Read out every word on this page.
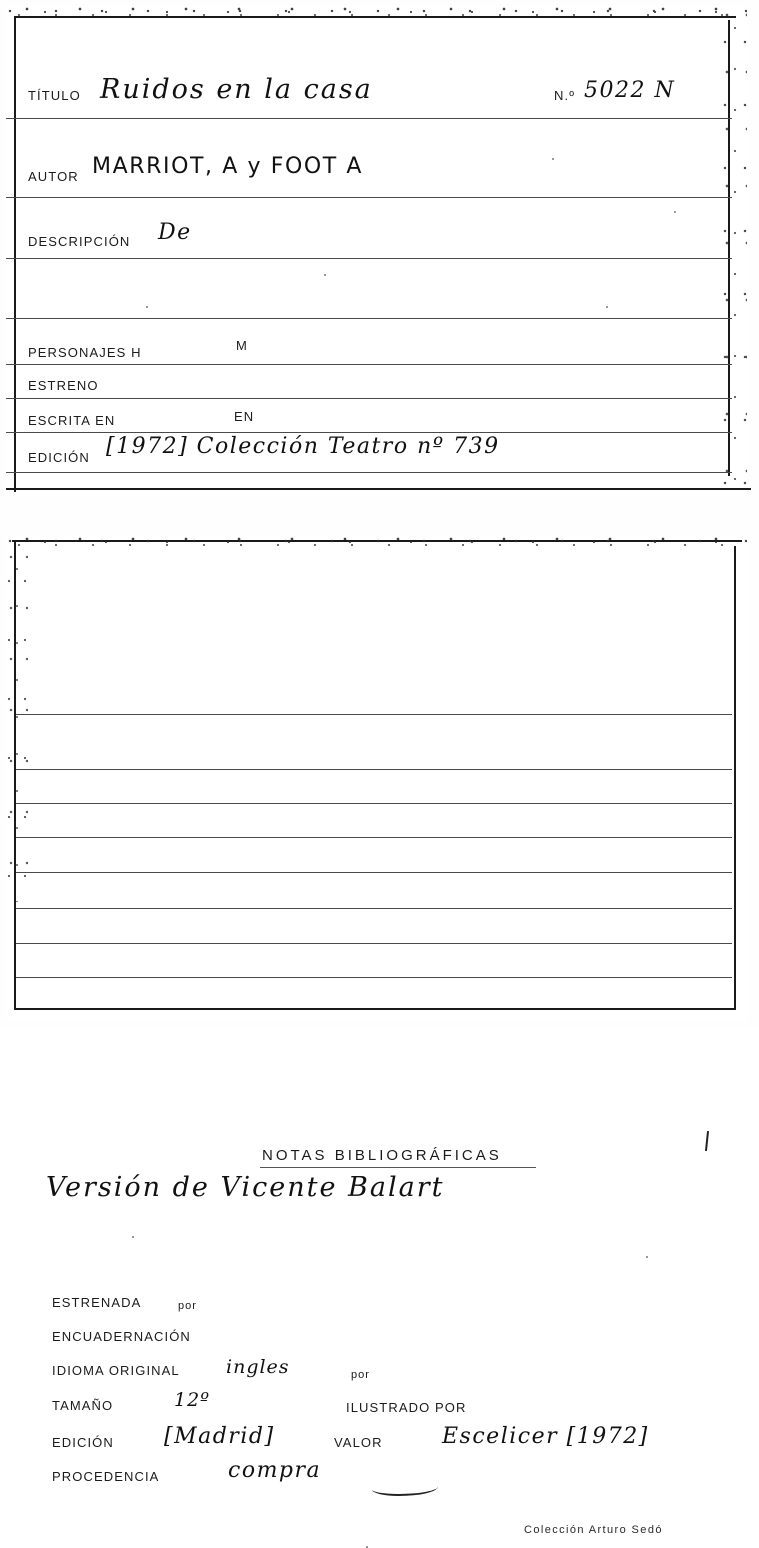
TÍTULO Ruidos en la casa	N.º 5022 N
AUTOR MARRIOT, A y FOOT A
DESCRIPCIÓN De
PERSONAJES H	M
ESTRENO
ESCRITA EN	EN
EDICIÓN [1972] Colección Teatro nº 739
NOTAS BIBLIOGRÁFICAS
Versión de Vicente Balart
ESTRENADA	por
ENCUADERNACIÓN
IDIOMA ORIGINAL ingles	por
TAMAÑO	12º	ILUSTRADO POR
EDICIÓN [Madrid]	VALOR	Escelicer [1972]
PROCEDENCIA	compra
Colección Arturo Sedó
